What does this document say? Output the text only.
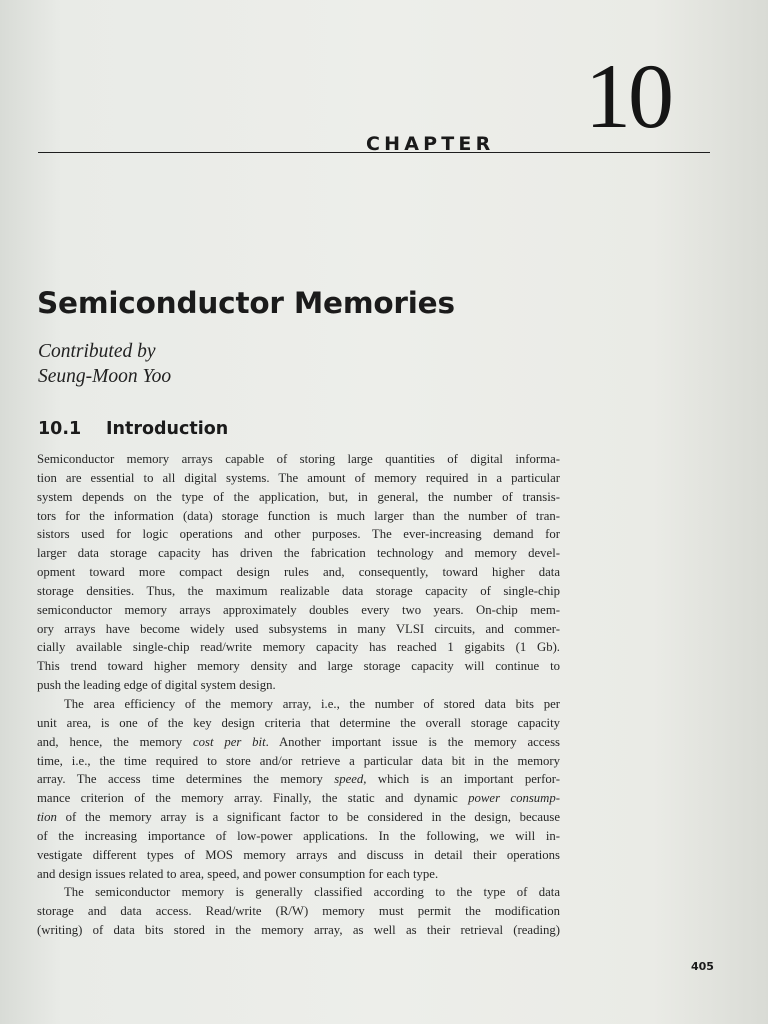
CHAPTER 10
Semiconductor Memories
Contributed by
Seung-Moon Yoo
10.1 Introduction
Semiconductor memory arrays capable of storing large quantities of digital informa-
tion are essential to all digital systems. The amount of memory required in a particular
system depends on the type of the application, but, in general, the number of transis-
tors for the information (data) storage function is much larger than the number of tran-
sistors used for logic operations and other purposes. The ever-increasing demand for
larger data storage capacity has driven the fabrication technology and memory devel-
opment toward more compact design rules and, consequently, toward higher data
storage densities. Thus, the maximum realizable data storage capacity of single-chip
semiconductor memory arrays approximately doubles every two years. On-chip mem-
ory arrays have become widely used subsystems in many VLSI circuits, and commer-
cially available single-chip read/write memory capacity has reached 1 gigabits (1 Gb).
This trend toward higher memory density and large storage capacity will continue to
push the leading edge of digital system design.
The area efficiency of the memory array, i.e., the number of stored data bits per
unit area, is one of the key design criteria that determine the overall storage capacity
and, hence, the memory cost per bit. Another important issue is the memory access
time, i.e., the time required to store and/or retrieve a particular data bit in the memory
array. The access time determines the memory speed, which is an important perfor-
mance criterion of the memory array. Finally, the static and dynamic power consump-
tion of the memory array is a significant factor to be considered in the design, because
of the increasing importance of low-power applications. In the following, we will in-
vestigate different types of MOS memory arrays and discuss in detail their operations
and design issues related to area, speed, and power consumption for each type.
The semiconductor memory is generally classified according to the type of data
storage and data access. Read/write (R/W) memory must permit the modification
(writing) of data bits stored in the memory array, as well as their retrieval (reading)
405
